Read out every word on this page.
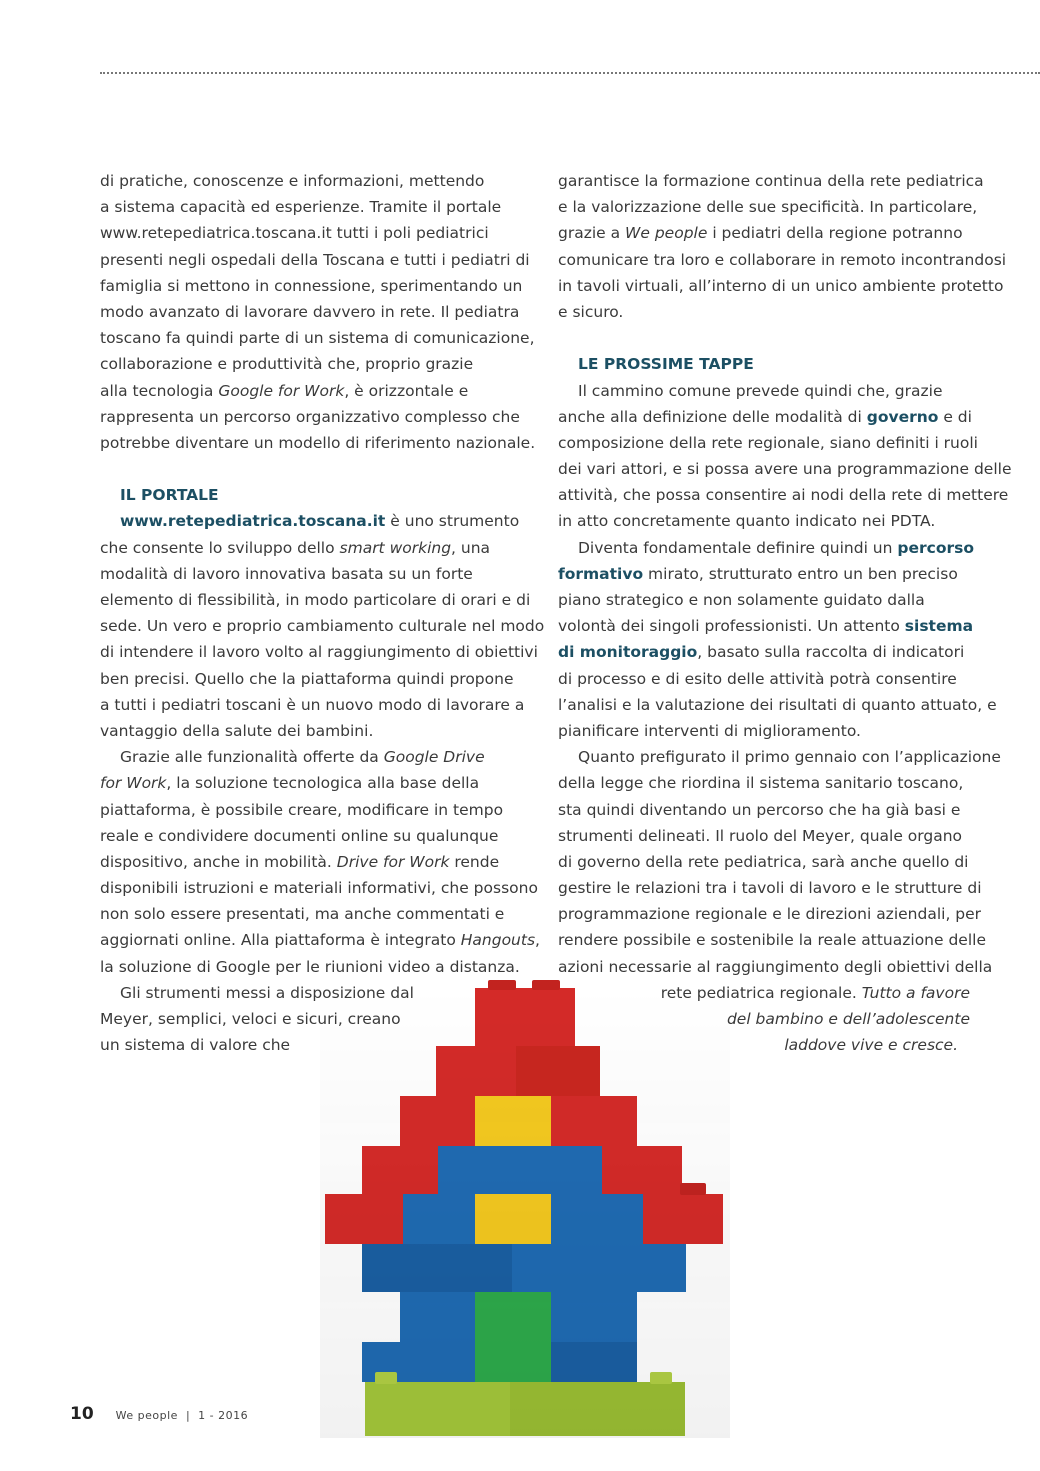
di pratiche, conoscenze e informazioni, mettendo
a sistema capacità ed esperienze. Tramite il portale
www.retepediatrica.toscana.it tutti i poli pediatrici
presenti negli ospedali della Toscana e tutti i pediatri di
famiglia si mettono in connessione, sperimentando un
modo avanzato di lavorare davvero in rete. Il pediatra
toscano fa quindi parte di un sistema di comunicazione,
collaborazione e produttività che, proprio grazie
alla tecnologia Google for Work, è orizzontale e
rappresenta un percorso organizzativo complesso che
potrebbe diventare un modello di riferimento nazionale.
IL PORTALE
www.retepediatrica.toscana.it è uno strumento
che consente lo sviluppo dello smart working, una
modalità di lavoro innovativa basata su un forte
elemento di flessibilità, in modo particolare di orari e di
sede. Un vero e proprio cambiamento culturale nel modo
di intendere il lavoro volto al raggiungimento di obiettivi
ben precisi. Quello che la piattaforma quindi propone
a tutti i pediatri toscani è un nuovo modo di lavorare a
vantaggio della salute dei bambini.
Grazie alle funzionalità offerte da Google Drive
for Work, la soluzione tecnologica alla base della
piattaforma, è possibile creare, modificare in tempo
reale e condividere documenti online su qualunque
dispositivo, anche in mobilità. Drive for Work rende
disponibili istruzioni e materiali informativi, che possono
non solo essere presentati, ma anche commentati e
aggiornati online. Alla piattaforma è integrato Hangouts,
la soluzione di Google per le riunioni video a distanza.
Gli strumenti messi a disposizione dal
Meyer, semplici, veloci e sicuri, creano
un sistema di valore che
garantisce la formazione continua della rete pediatrica
e la valorizzazione delle sue specificità. In particolare,
grazie a We people i pediatri della regione potranno
comunicare tra loro e collaborare in remoto incontrandosi
in tavoli virtuali, all’interno di un unico ambiente protetto
e sicuro.
LE PROSSIME TAPPE
Il cammino comune prevede quindi che, grazie
anche alla definizione delle modalità di governo e di
composizione della rete regionale, siano definiti i ruoli
dei vari attori, e si possa avere una programmazione delle
attività, che possa consentire ai nodi della rete di mettere
in atto concretamente quanto indicato nei PDTA.
Diventa fondamentale definire quindi un percorso
formativo mirato, strutturato entro un ben preciso
piano strategico e non solamente guidato dalla
volontà dei singoli professionisti. Un attento sistema
di monitoraggio, basato sulla raccolta di indicatori
di processo e di esito delle attività potrà consentire
l’analisi e la valutazione dei risultati di quanto attuato, e
pianificare interventi di miglioramento.
Quanto prefigurato il primo gennaio con l’applicazione
della legge che riordina il sistema sanitario toscano,
sta quindi diventando un percorso che ha già basi e
strumenti delineati. Il ruolo del Meyer, quale organo
di governo della rete pediatrica, sarà anche quello di
gestire le relazioni tra i tavoli di lavoro e le strutture di
programmazione regionale e le direzioni aziendali, per
rendere possibile e sostenibile la reale attuazione delle
azioni necessarie al raggiungimento degli obiettivi della
rete pediatrica regionale. Tutto a favore
del bambino e dell’adolescente
laddove vive e cresce.
10 We people  |  1 - 2016
